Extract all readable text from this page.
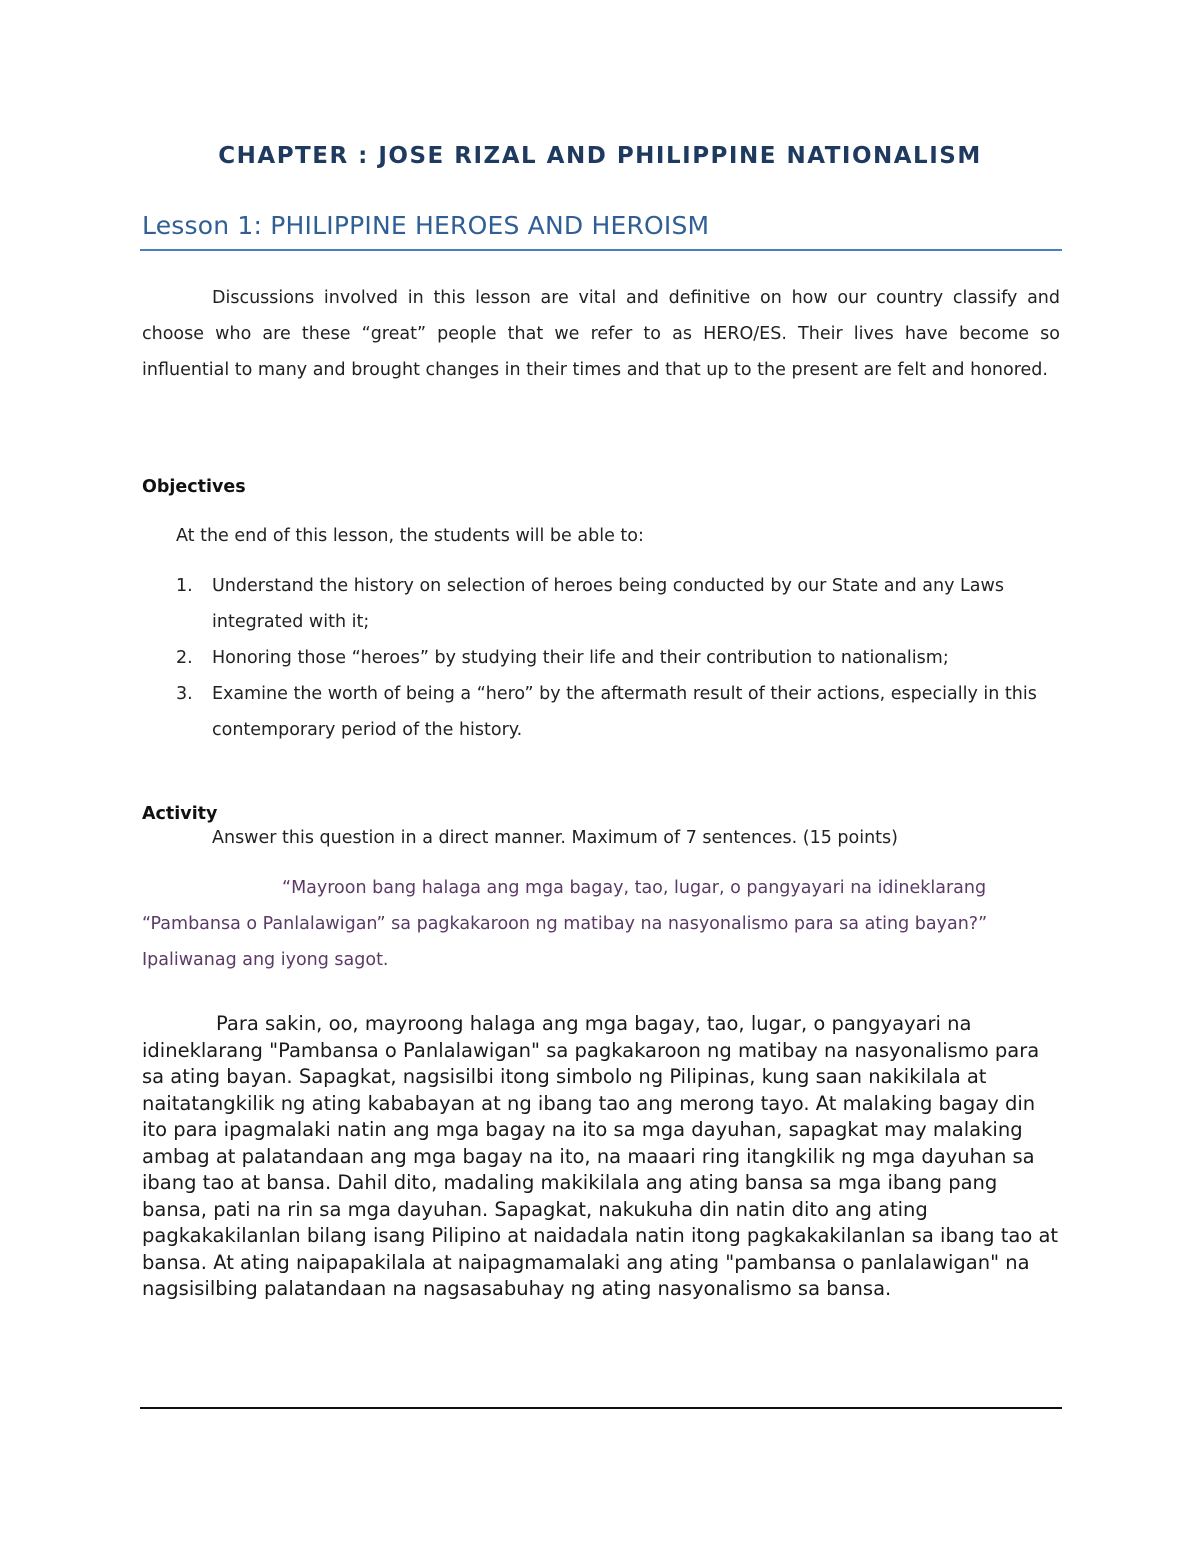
CHAPTER : JOSE RIZAL AND PHILIPPINE NATIONALISM
Lesson 1: PHILIPPINE HEROES AND HEROISM

Discussions involved in this lesson are vital and definitive on how our country classify and choose who are these “great” people that we refer to as HERO/ES. Their lives have become so influential to many and brought changes in their times and that up to the present are felt and honored.

Objectives

At the end of this lesson, the students will be able to:

1. Understand the history on selection of heroes being conducted by our State and any Laws integrated with it;
2. Honoring those “heroes” by studying their life and their contribution to nationalism;
3. Examine the worth of being a “hero” by the aftermath result of their actions, especially in this contemporary period of the history.
Activity

Answer this question in a direct manner. Maximum of 7 sentences. (15 points)

“Mayroon bang halaga ang mga bagay, tao, lugar, o pangyayari na idineklarang “Pambansa o Panlalawigan” sa pagkakaroon ng matibay na nasyonalismo para sa ating bayan?” Ipaliwanag ang iyong sagot.

Para sakin, oo, mayroong halaga ang mga bagay, tao, lugar, o pangyayari na idineklarang "Pambansa o Panlalawigan" sa pagkakaroon ng matibay na nasyonalismo para sa ating bayan. Sapagkat, nagsisilbi itong simbolo ng Pilipinas, kung saan nakikilala at naitatangkilik ng ating kababayan at ng ibang tao ang merong tayo. At malaking bagay din ito para ipagmalaki natin ang mga bagay na ito sa mga dayuhan, sapagkat may malaking ambag at palatandaan ang mga bagay na ito, na maaari ring itangkilik ng mga dayuhan sa ibang tao at bansa. Dahil dito, madaling makikilala ang ating bansa sa mga ibang pang bansa, pati na rin sa mga dayuhan. Sapagkat, nakukuha din natin dito ang ating pagkakakilanlan bilang isang Pilipino at naidadala natin itong pagkakakilanlan sa ibang tao at bansa. At ating naipapakilala at naipagmamalaki ang ating "pambansa o panlalawigan" na nagsisilbing palatandaan na nagsasabuhay ng ating nasyonalismo sa bansa.
